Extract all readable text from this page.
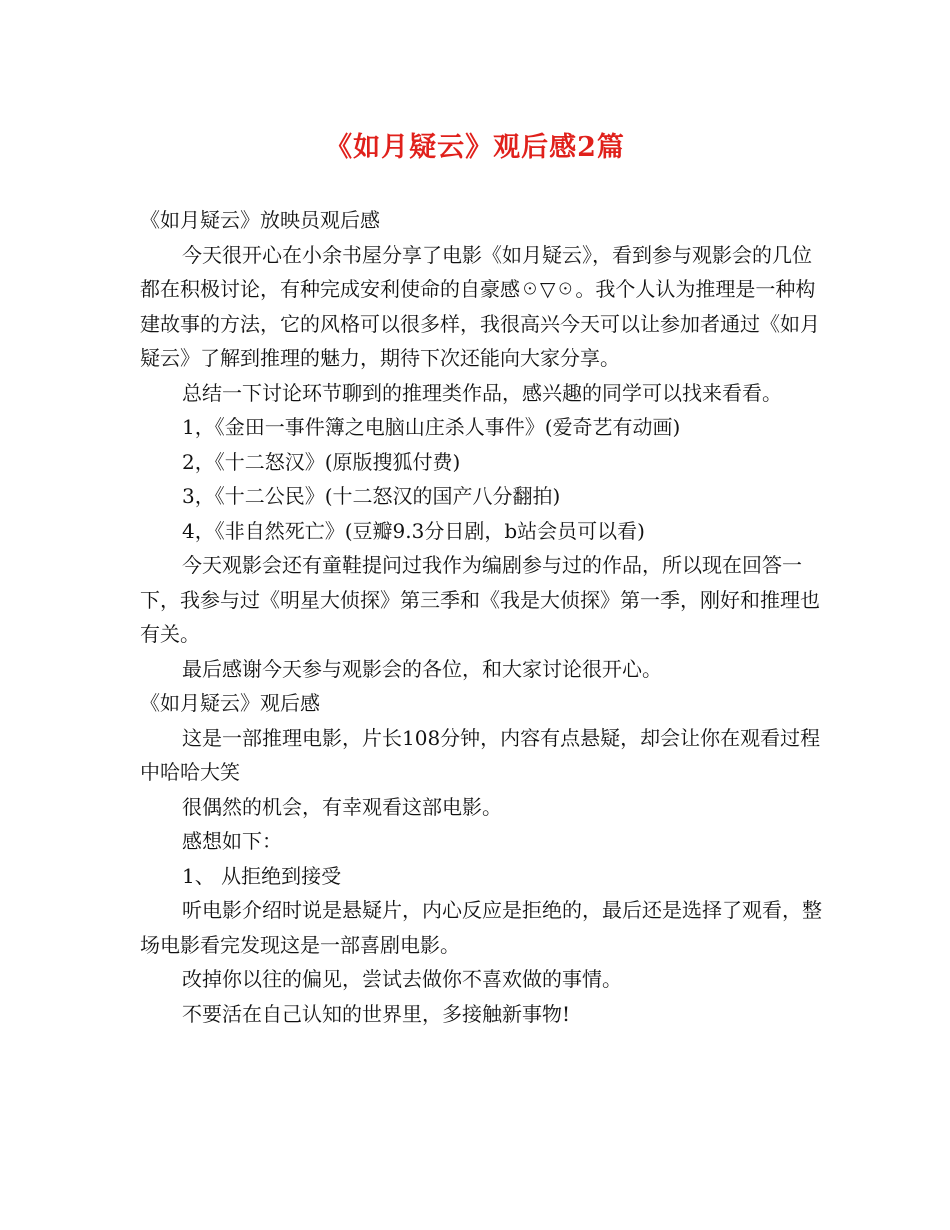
《如月疑云》观后感2篇

《如月疑云》放映员观后感

今天很开心在小余书屋分享了电影《如月疑云》，看到参与观影会的几位都在积极讨论，有种完成安利使命的自豪感☉▽☉。我个人认为推理是一种构建故事的方法，它的风格可以很多样，我很高兴今天可以让参加者通过《如月疑云》了解到推理的魅力，期待下次还能向大家分享。

总结一下讨论环节聊到的推理类作品，感兴趣的同学可以找来看看。

1，《金田一事件簿之电脑山庄杀人事件》(爱奇艺有动画)

2，《十二怒汉》(原版搜狐付费)

3，《十二公民》(十二怒汉的国产八分翻拍)

4，《非自然死亡》(豆瓣9.3分日剧，b站会员可以看)

今天观影会还有童鞋提问过我作为编剧参与过的作品，所以现在回答一下，我参与过《明星大侦探》第三季和《我是大侦探》第一季，刚好和推理也有关。

最后感谢今天参与观影会的各位，和大家讨论很开心。

《如月疑云》观后感

这是一部推理电影，片长108分钟，内容有点悬疑，却会让你在观看过程中哈哈大笑

很偶然的机会，有幸观看这部电影。

感想如下：

1、 从拒绝到接受

听电影介绍时说是悬疑片，内心反应是拒绝的，最后还是选择了观看，整场电影看完发现这是一部喜剧电影。

改掉你以往的偏见，尝试去做你不喜欢做的事情。

不要活在自己认知的世界里，多接触新事物!
